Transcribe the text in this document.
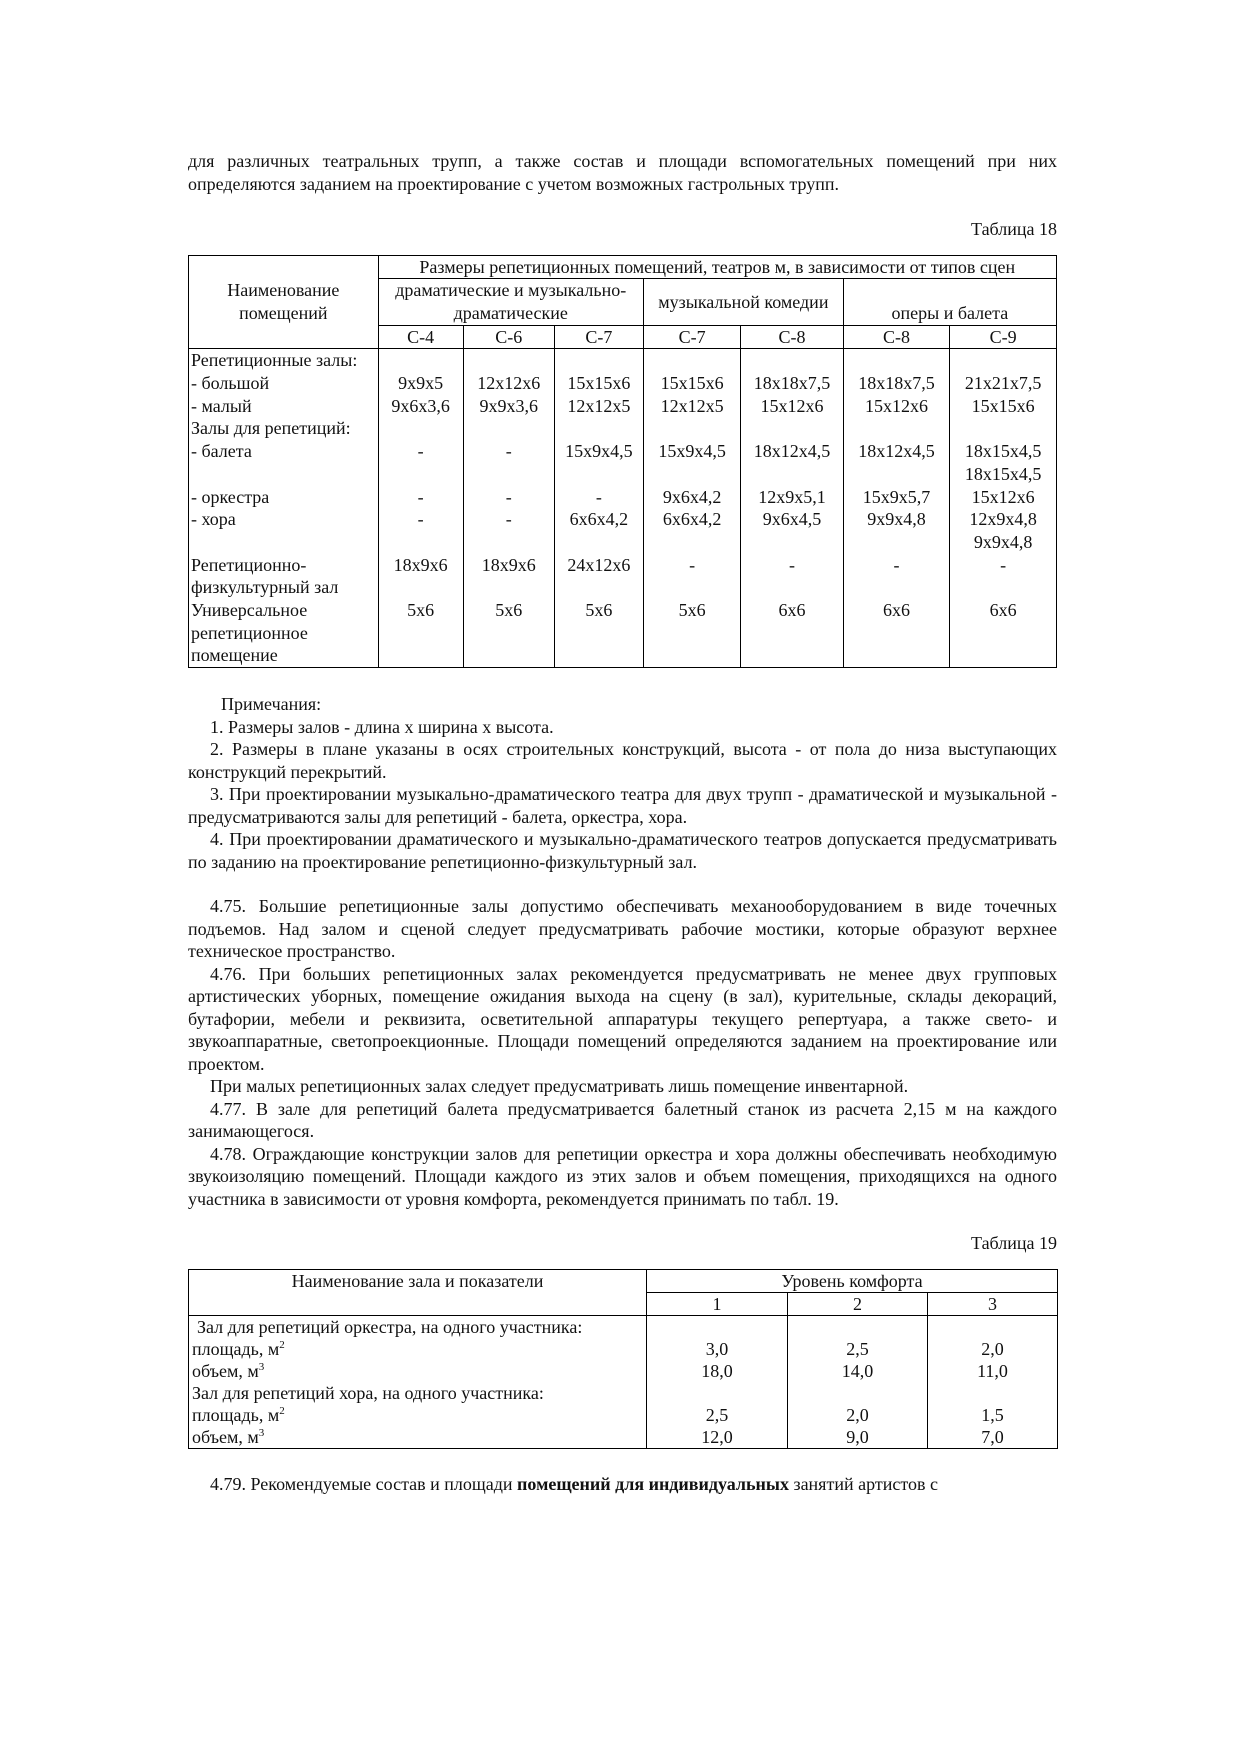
для различных театральных трупп, а также состав и площади вспомогательных помещений при них определяются заданием на проектирование с учетом возможных гастрольных трупп.

Таблица 18

Наименование помещений	Размеры репетиционных помещений, театров м, в зависимости от типов сцен						
	драматические и музыкально-драматические			музыкальной комедии		оперы и балета	
	С-4	С-6	С-7	С-7	С-8	С-8	С-9
Репетиционные залы:							
- большой	9х9х5	12х12х6	15х15х6	15х15х6	18х18х7,5	18х18х7,5	21х21х7,5
- малый	9х6х3,6	9х9х3,6	12х12х5	12х12х5	15х12х6	15х12х6	15х15х6
Залы для репетиций:							
- балета	-	-	15х9х4,5	15х9х4,5	18х12х4,5	18х12х4,5	18х15х4,5
							18х15х4,5
- оркестра	-	-	-	9х6х4,2	12х9х5,1	15х9х5,7	15х12х6
- хора	-	-	6х6х4,2	6х6х4,2	9х6х4,5	9х9х4,8	12х9х4,8
							9х9х4,8
Репетиционно-физкультурный зал	18х9х6	18х9х6	24х12х6	-	-	-	-
Универсальное репетиционное помещение	5х6	5х6	5х6	5х6	6х6	6х6	6х6

Примечания:

1. Размеры залов - длина х ширина х высота.

2. Размеры в плане указаны в осях строительных конструкций, высота - от пола до низа выступающих конструкций перекрытий.

3. При проектировании музыкально-драматического театра для двух трупп - драматической и музыкальной - предусматриваются залы для репетиций - балета, оркестра, хора.

4. При проектировании драматического и музыкально-драматического театров допускается предусматривать по заданию на проектирование репетиционно-физкультурный зал.

4.75. Большие репетиционные залы допустимо обеспечивать механооборудованием в виде точечных подъемов. Над залом и сценой следует предусматривать рабочие мостики, которые образуют верхнее техническое пространство.

4.76. При больших репетиционных залах рекомендуется предусматривать не менее двух групповых артистических уборных, помещение ожидания выхода на сцену (в зал), курительные, склады декораций, бутафории, мебели и реквизита, осветительной аппаратуры текущего репертуара, а также свето- и звукоаппаратные, светопроекционные. Площади помещений определяются заданием на проектирование или проектом.

При малых репетиционных залах следует предусматривать лишь помещение инвентарной.

4.77. В зале для репетиций балета предусматривается балетный станок из расчета 2,15 м на каждого занимающегося.

4.78. Ограждающие конструкции залов для репетиции оркестра и хора должны обеспечивать необходимую звукоизоляцию помещений. Площади каждого из этих залов и объем помещения, приходящихся на одного участника в зависимости от уровня комфорта, рекомендуется принимать по табл. 19.

Таблица 19

Наименование зала и показатели	Уровень комфорта		
	1	2	3
Зал для репетиций оркестра, на одного участника:			
площадь, $м^2$	3,0	2,5	2,0
объем, $м^3$	18,0	14,0	11,0
Зал для репетиций хора, на одного участника:			
площадь, $м^2$	2,5	2,0	1,5
объем, $м^3$	12,0	9,0	7,0

4.79. Рекомендуемые состав и площади помещений для индивидуальных занятий артистов с
